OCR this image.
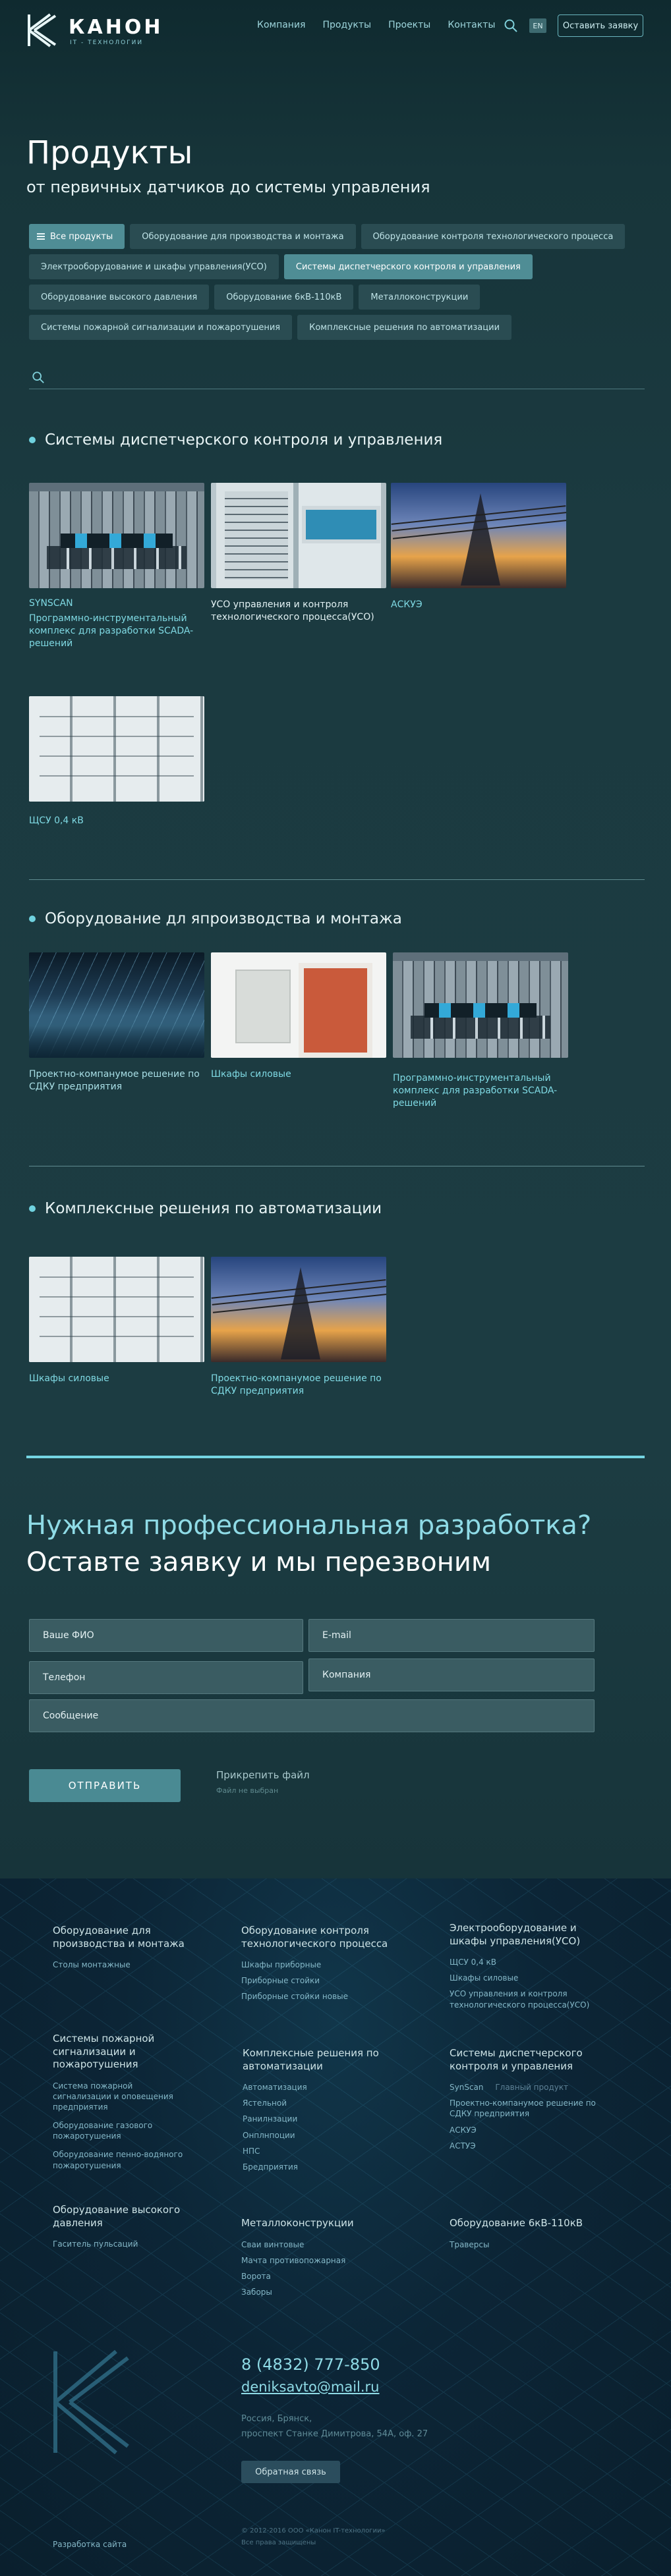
КАНОН
IT - ТЕХНОЛОГИИ
Компания Продукты Проекты Контакты	EN	Оставить заявку
Продукты
от первичных датчиков до системы управления
Все продукты	Оборудование для производства и монтажа	Оборудование контроля технологического процесса
Электрооборудование и шкафы управления(УСО)	Системы диспетчерского контроля и управления
Оборудование высокого давления	Оборудование 6кВ-110кВ	Металлоконструкции
Системы пожарной сигнализации и пожаротушения	Комплексные решения по автоматизации
Системы диспетчерского контроля и управления
SYNSCAN
Программно-инструментальный комплекс для разработки SCADA-решений
УСО управления и контроля технологического процесса(УСО)
АСКУЭ
ЩСУ 0,4 кВ
Оборудование дл япроизводства и монтажа
Проектно-компанумое решение по СДКУ предприятия
Шкафы силовые	Программно-инструментальный комплекс для разработки SCADA-решений
Комплексные решения по автоматизации
Шкафы силовые	Проектно-компанумое решение по СДКУ предприятия
Нужная профессиональная разработка?
Оставте заявку и мы перезвоним
Ваше ФИО	E-mail
Телефон	Компания
Сообщение
ОТПРАВИТЬ
Прикрепить файл
Файл не выбран
Оборудование для производства и монтажа
Столы монтажные
Оборудование контроля технологического процесса
Шкафы приборные
Приборные стойки
Приборные стойки новые
Электрооборудование и шкафы управления(УСО)
ЩСУ 0,4 кВ
Шкафы силовые
УСО управления и контроля технологического процесса(УСО)
Системы пожарной сигнализации и пожаротушения
Система пожарной сигнализации и оповещения предприятия
Оборудование газового пожаротушения
Оборудование пенно-водяного пожаротушения
Комплексные решения по автоматизации
Автоматизация
Ястельной
Ранилнзации
Онплнпоции
НПС
Бредприятия
Системы диспетчерского контроля и управления
SynScan Главный продукт
Проектно-компанумое решение по СДКУ предприятия
АСКУЭ
АСТУЭ
Оборудование высокого давления
Гаситель пульсаций
Металлоконструкции
Сваи винтовые
Мачта противопожарная
Ворота
Заборы
Оборудование 6кВ-110кВ
Траверсы
8 (4832) 777-850
deniksavto@mail.ru
Россия, Брянск,
проспект Станке Димитрова, 54А, оф. 27
Обратная связь
© 2012-2016 ООО «Канон IT-технологии»
Все права защищены
Разработка сайта
